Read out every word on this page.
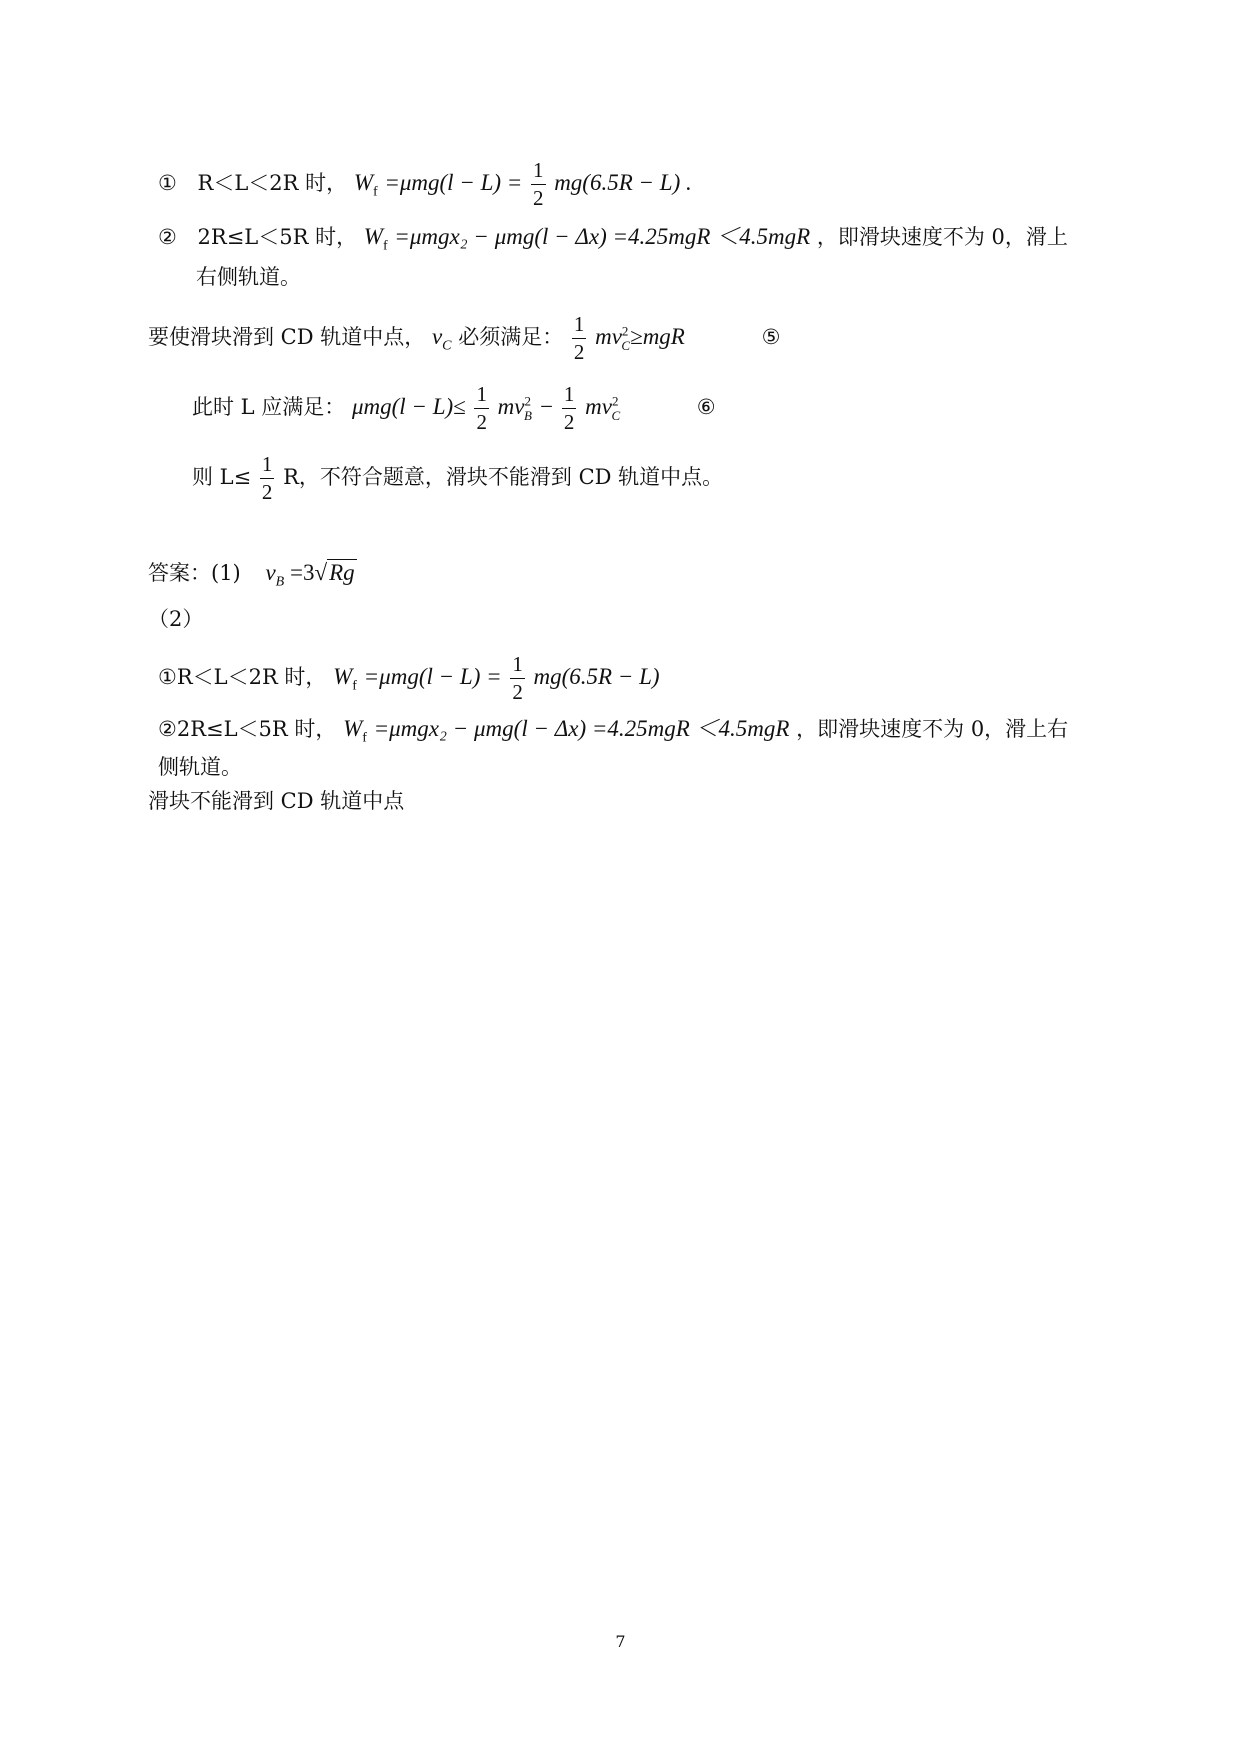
① R＜L＜2R 时， $W_f =\mu mg(l - L) = \frac{1}{2} mg(6.5R - L)$ .
② 2R≤L＜5R 时， $W_f =\mu mgx_2 - \mu mg(l - \Delta x) =4.25mgR <4.5mgR$ ，即滑块速度不为 0，滑上
右侧轨道。
要使滑块滑到 CD 轨道中点， $v_C$ 必须满足： $\frac{1}{2} mv^2_C\ge mgR$	⑤
此时 L 应满足： $\mu mg(l - L)\le \frac{1}{2} mv^2_B - \frac{1}{2} mv^2_C$	⑥
则 $L\le \frac{1}{2}$ R，不符合题意，滑块不能滑到 CD 轨道中点。
答案：(1) $v_B =3√Rg$
（2）
①R＜L＜2R 时， $W_f =\mu mg(l - L) = \frac{1}{2} mg(6.5R - L)$
②2R≤L＜5R 时， $W_f =\mu mgx_2 - \mu mg(l - \Delta x) =4.25mgR <4.5mgR$ ，即滑块速度不为 0，滑上右
侧轨道。
滑块不能滑到 CD 轨道中点
7
